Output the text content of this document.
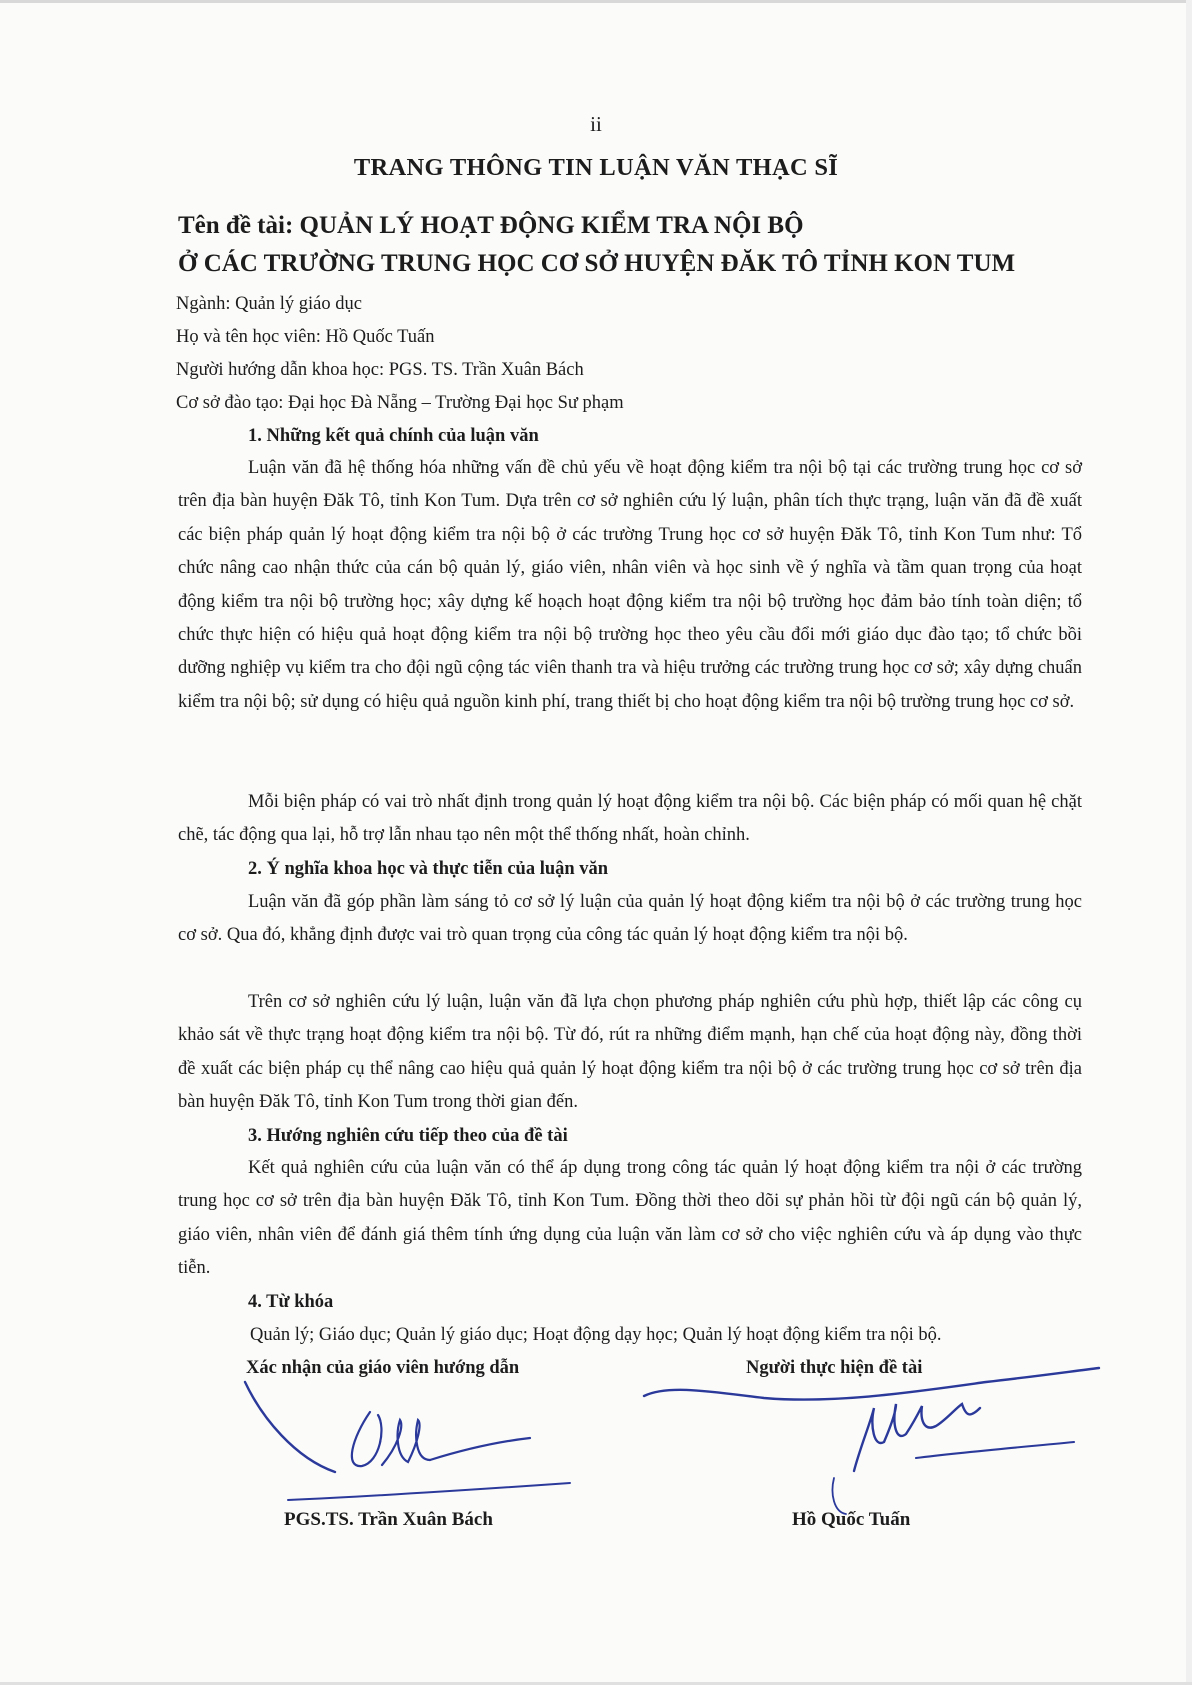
ii
TRANG THÔNG TIN LUẬN VĂN THẠC SĨ
Tên đề tài: QUẢN LÝ HOẠT ĐỘNG KIỂM TRA NỘI BỘ
Ở CÁC TRƯỜNG TRUNG HỌC CƠ SỞ HUYỆN ĐĂK TÔ TỈNH KON TUM
Ngành: Quản lý giáo dục
Họ và tên học viên: Hồ Quốc Tuấn
Người hướng dẫn khoa học: PGS. TS. Trần Xuân Bách
Cơ sở đào tạo: Đại học Đà Nẵng – Trường Đại học Sư phạm
1. Những kết quả chính của luận văn

Luận văn đã hệ thống hóa những vấn đề chủ yếu về hoạt động kiểm tra nội bộ tại các trường trung học cơ sở trên địa bàn huyện Đăk Tô, tỉnh Kon Tum. Dựa trên cơ sở nghiên cứu lý luận, phân tích thực trạng, luận văn đã đề xuất các biện pháp quản lý hoạt động kiểm tra nội bộ ở các trường Trung học cơ sở huyện Đăk Tô, tỉnh Kon Tum như: Tổ chức nâng cao nhận thức của cán bộ quản lý, giáo viên, nhân viên và học sinh về ý nghĩa và tầm quan trọng của hoạt động kiểm tra nội bộ trường học; xây dựng kế hoạch hoạt động kiểm tra nội bộ trường học đảm bảo tính toàn diện; tổ chức thực hiện có hiệu quả hoạt động kiểm tra nội bộ trường học theo yêu cầu đổi mới giáo dục đào tạo; tổ chức bồi dưỡng nghiệp vụ kiểm tra cho đội ngũ cộng tác viên thanh tra và hiệu trưởng các trường trung học cơ sở; xây dựng chuẩn kiểm tra nội bộ; sử dụng có hiệu quả nguồn kinh phí, trang thiết bị cho hoạt động kiểm tra nội bộ trường trung học cơ sở.

Mỗi biện pháp có vai trò nhất định trong quản lý hoạt động kiểm tra nội bộ. Các biện pháp có mối quan hệ chặt chẽ, tác động qua lại, hỗ trợ lẫn nhau tạo nên một thể thống nhất, hoàn chỉnh.

2. Ý nghĩa khoa học và thực tiễn của luận văn

Luận văn đã góp phần làm sáng tỏ cơ sở lý luận của quản lý hoạt động kiểm tra nội bộ ở các trường trung học cơ sở. Qua đó, khẳng định được vai trò quan trọng của công tác quản lý hoạt động kiểm tra nội bộ.

Trên cơ sở nghiên cứu lý luận, luận văn đã lựa chọn phương pháp nghiên cứu phù hợp, thiết lập các công cụ khảo sát về thực trạng hoạt động kiểm tra nội bộ. Từ đó, rút ra những điểm mạnh, hạn chế của hoạt động này, đồng thời đề xuất các biện pháp cụ thể nâng cao hiệu quả quản lý hoạt động kiểm tra nội bộ ở các trường trung học cơ sở trên địa bàn huyện Đăk Tô, tỉnh Kon Tum trong thời gian đến.

3. Hướng nghiên cứu tiếp theo của đề tài

Kết quả nghiên cứu của luận văn có thể áp dụng trong công tác quản lý hoạt động kiểm tra nội ở các trường trung học cơ sở trên địa bàn huyện Đăk Tô, tỉnh Kon Tum. Đồng thời theo dõi sự phản hồi từ đội ngũ cán bộ quản lý, giáo viên, nhân viên để đánh giá thêm tính ứng dụng của luận văn làm cơ sở cho việc nghiên cứu và áp dụng vào thực tiễn.

4. Từ khóa
Quản lý; Giáo dục; Quản lý giáo dục; Hoạt động dạy học; Quản lý hoạt động kiểm tra nội bộ.
Xác nhận của giáo viên hướng dẫn	Người thực hiện đề tài
PGS.TS. Trần Xuân Bách	Hồ Quốc Tuấn
